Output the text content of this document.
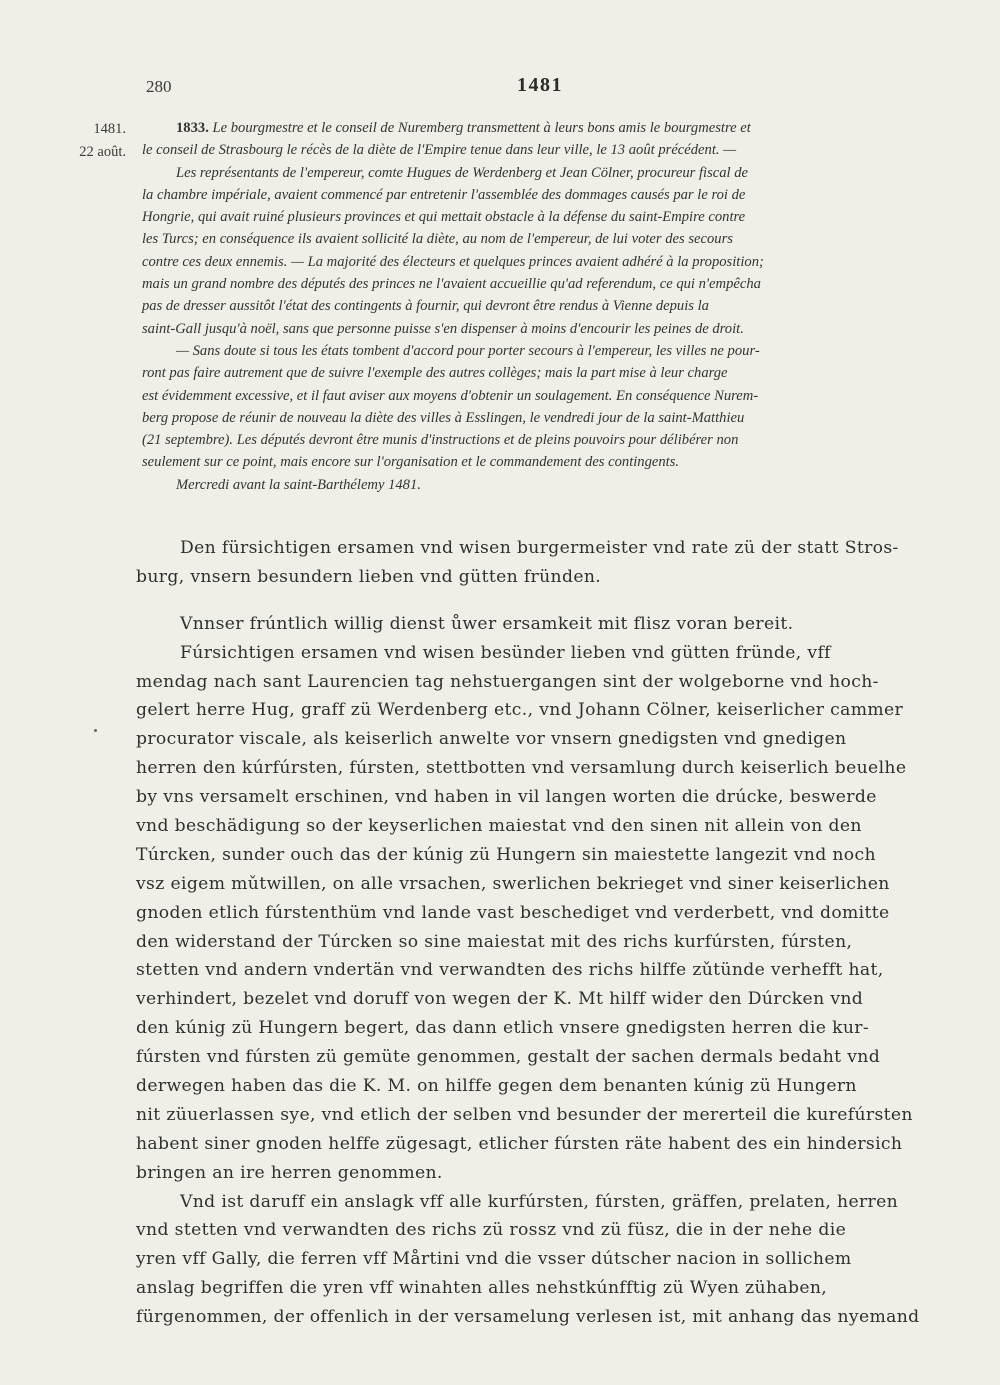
280	1481
1481.
22 août.
1833. Le bourgmestre et le conseil de Nuremberg transmettent à leurs bons amis le bourgmestre et
le conseil de Strasbourg le récès de la diète de l'Empire tenue dans leur ville, le 13 août précédent. —
Les représentants de l'empereur, comte Hugues de Werdenberg et Jean Cölner, procureur fiscal de
la chambre impériale, avaient commencé par entretenir l'assemblée des dommages causés par le roi de
Hongrie, qui avait ruiné plusieurs provinces et qui mettait obstacle à la défense du saint-Empire contre
les Turcs; en conséquence ils avaient sollicité la diète, au nom de l'empereur, de lui voter des secours
contre ces deux ennemis. — La majorité des électeurs et quelques princes avaient adhéré à la proposition;
mais un grand nombre des députés des princes ne l'avaient accueillie qu'ad referendum, ce qui n'empêcha
pas de dresser aussitôt l'état des contingents à fournir, qui devront être rendus à Vienne depuis la
saint-Gall jusqu'à noël, sans que personne puisse s'en dispenser à moins d'encourir les peines de droit.
— Sans doute si tous les états tombent d'accord pour porter secours à l'empereur, les villes ne pour-
ront pas faire autrement que de suivre l'exemple des autres collèges; mais la part mise à leur charge
est évidemment excessive, et il faut aviser aux moyens d'obtenir un soulagement. En conséquence Nurem-
berg propose de réunir de nouveau la diète des villes à Esslingen, le vendredi jour de la saint-Matthieu
(21 septembre). Les députés devront être munis d'instructions et de pleins pouvoirs pour délibérer non
seulement sur ce point, mais encore sur l'organisation et le commandement des contingents.
Mercredi avant la saint-Barthélemy 1481.
Den fürsichtigen ersamen vnd wisen burgermeister vnd rate zü der statt Stros-
burg, vnsern besundern lieben vnd gütten fründen.
Vnnser frúntlich willig dienst ůwer ersamkeit mit flisz voran bereit.
Fúrsichtigen ersamen vnd wisen besünder lieben vnd gütten fründe, vff
mendag nach sant Laurencien tag nehstuergangen sint der wolgeborne vnd hoch-
gelert herre Hug, graff zü Werdenberg etc., vnd Johann Cölner, keiserlicher cammer
procurator viscale, als keiserlich anwelte vor vnsern gnedigsten vnd gnedigen
herren den kúrfúrsten, fúrsten, stettbotten vnd versamlung durch keiserlich beuelhe
by vns versamelt erschinen, vnd haben in vil langen worten die drúcke, beswerde
vnd beschädigung so der keyserlichen maiestat vnd den sinen nit allein von den
Túrcken, sunder ouch das der kúnig zü Hungern sin maiestette langezit vnd noch
vsz eigem mǔtwillen, on alle vrsachen, swerlichen bekrieget vnd siner keiserlichen
gnoden etlich fúrstenthüm vnd lande vast beschediget vnd verderbett, vnd domitte
den widerstand der Túrcken so sine maiestat mit des richs kurfúrsten, fúrsten,
stetten vnd andern vndertän vnd verwandten des richs hilffe zǔtünde verhefft hat,
verhindert, bezelet vnd doruff von wegen der K. Mt hilff wider den Dúrcken vnd
den kúnig zü Hungern begert, das dann etlich vnsere gnedigsten herren die kur-
fúrsten vnd fúrsten zü gemüte genommen, gestalt der sachen dermals bedaht vnd
derwegen haben das die K. M. on hilffe gegen dem benanten kúnig zü Hungern
nit züuerlassen sye, vnd etlich der selben vnd besunder der mererteil die kurefúrsten
habent siner gnoden helffe zügesagt, etlicher fúrsten räte habent des ein hindersich
bringen an ire herren genommen.
Vnd ist daruff ein anslagk vff alle kurfúrsten, fúrsten, gräffen, prelaten, herren
vnd stetten vnd verwandten des richs zü rossz vnd zü füsz, die in der nehe die
yren vff Gally, die ferren vff Mårtini vnd die vsser dútscher nacion in sollichem
anslag begriffen die yren vff winahten alles nehstkúnfftig zü Wyen zühaben,
fürgenommen, der offenlich in der versamelung verlesen ist, mit anhang das nyemand
